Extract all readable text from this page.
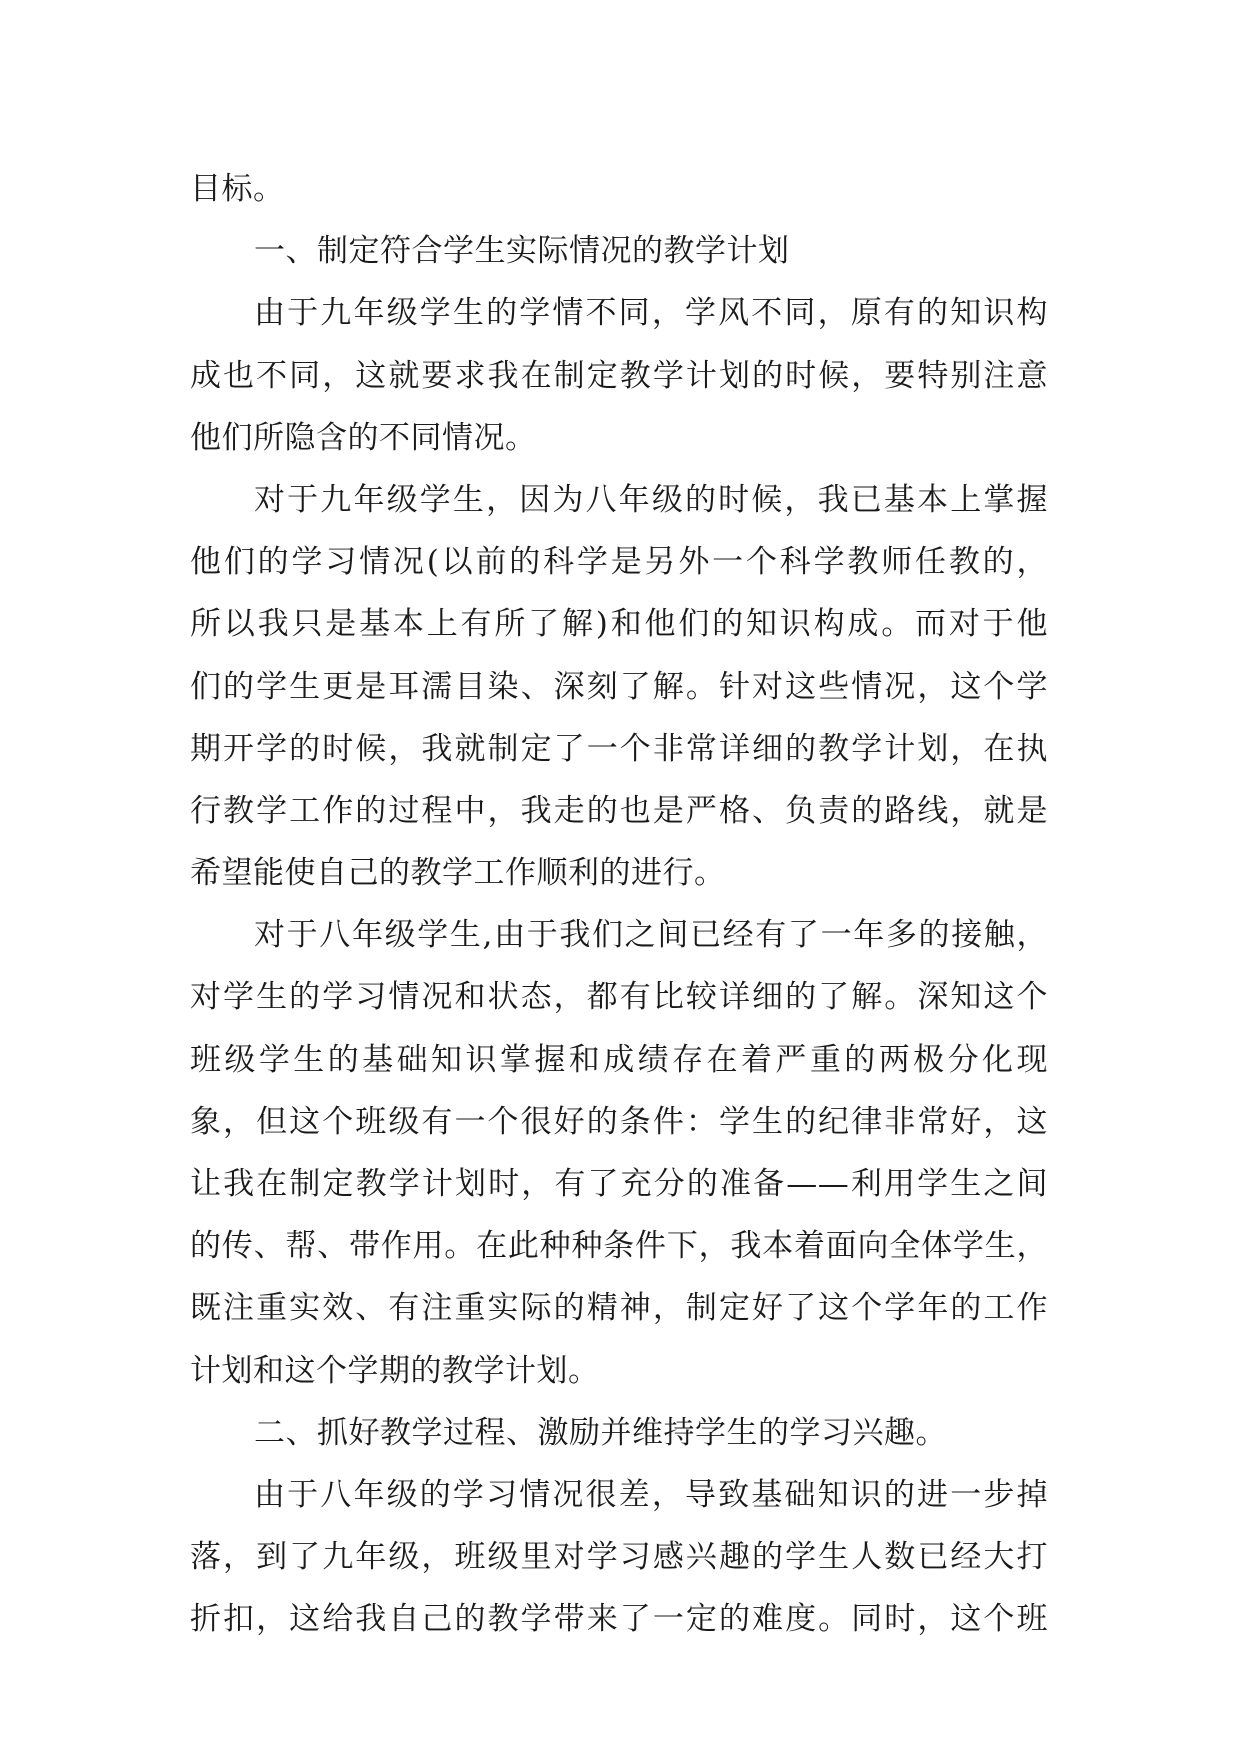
目标。
一、制定符合学生实际情况的教学计划
由于九年级学生的学情不同，学风不同，原有的知识构
成也不同，这就要求我在制定教学计划的时候，要特别注意
他们所隐含的不同情况。
对于九年级学生，因为八年级的时候，我已基本上掌握
他们的学习情况(以前的科学是另外一个科学教师任教的，
所以我只是基本上有所了解)和他们的知识构成。而对于他
们的学生更是耳濡目染、深刻了解。针对这些情况，这个学
期开学的时候，我就制定了一个非常详细的教学计划，在执
行教学工作的过程中，我走的也是严格、负责的路线，就是
希望能使自己的教学工作顺利的进行。
对于八年级学生,由于我们之间已经有了一年多的接触，
对学生的学习情况和状态，都有比较详细的了解。深知这个
班级学生的基础知识掌握和成绩存在着严重的两极分化现
象，但这个班级有一个很好的条件：学生的纪律非常好，这
让我在制定教学计划时，有了充分的准备——利用学生之间
的传、帮、带作用。在此种种条件下，我本着面向全体学生，
既注重实效、有注重实际的精神，制定好了这个学年的工作
计划和这个学期的教学计划。
二、抓好教学过程、激励并维持学生的学习兴趣。
由于八年级的学习情况很差，导致基础知识的进一步掉
落，到了九年级，班级里对学习感兴趣的学生人数已经大打
折扣，这给我自己的教学带来了一定的难度。同时，这个班
